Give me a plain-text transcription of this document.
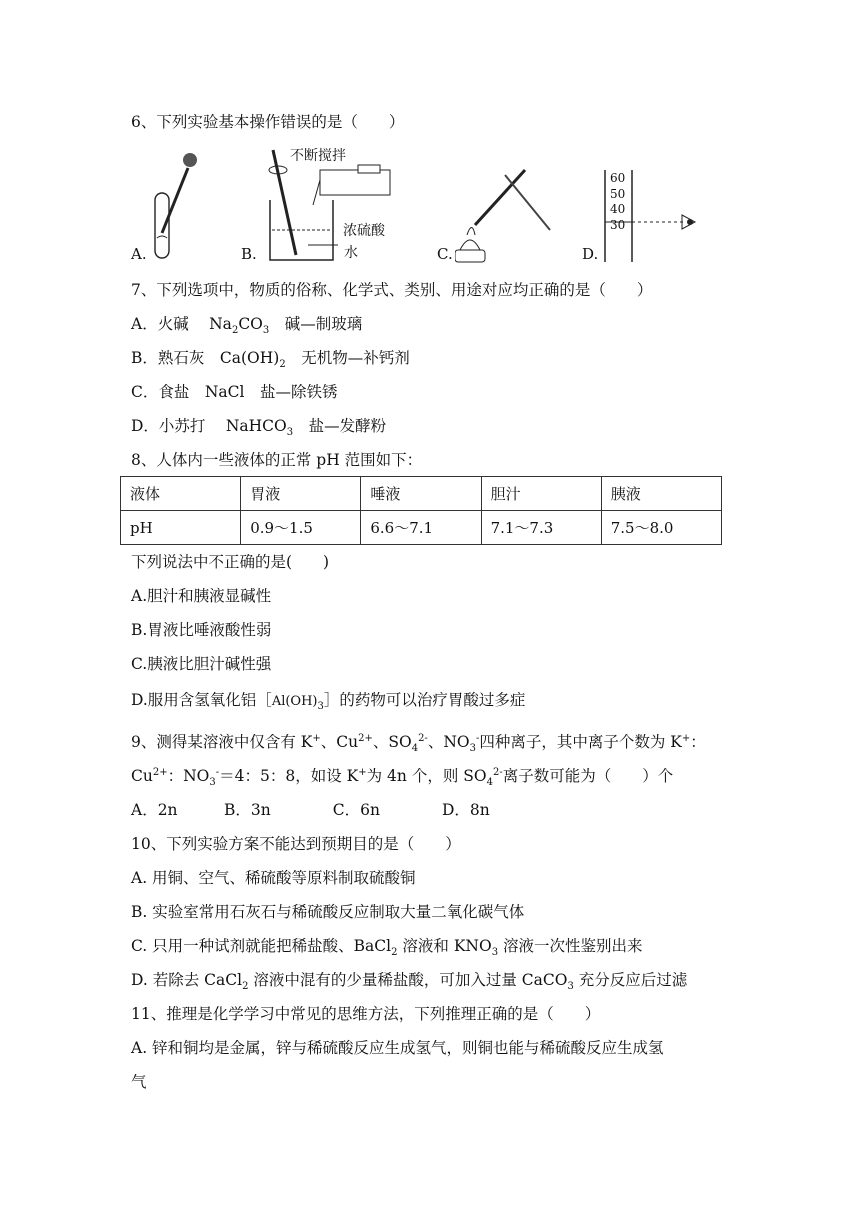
6、下列实验基本操作错误的是（　　）
A.
不断搅拌
浓硫酸
水
B.	C.
60
50
40
30
D.
7、下列选项中，物质的俗称、化学式、类别、用途对应均正确的是（　　）
A．火碱　 $Na_2CO_3$　碱—制玻璃
B．熟石灰　$Ca(OH)_2$　无机物—补钙剂
C．食盐　NaCl　盐—除铁锈
D．小苏打　 NaHCO$_3$　盐—发酵粉
8、人体内一些液体的正常 pH 范围如下：
液体	胃液	唾液	胆汁	胰液
pH	0.9～1.5	6.6～7.1	7.1～7.3	7.5～8.0
下列说法中不正确的是(　　)
A.胆汁和胰液显碱性
B.胃液比唾液酸性弱
C.胰液比胆汁碱性强
D.服用含氢氧化铝$[Al(OH)_3]$的药物可以治疗胃酸过多症
9、测得某溶液中仅含有 K+、$Cu^{2+}$、$SO_4^{2-}$、$NO_3^-$四种离子，其中离子个数为 K+：
$Cu^{2+}$：$NO_3^-=4$：5：8，如设 K+为 4n 个，则 $SO_4^{2-}$离子数可能为（　　）个
A．2n　　　B．3n　　　　C．6n　　　　D．8n
10、下列实验方案不能达到预期目的是（　　）
A. 用铜、空气、稀硫酸等原料制取硫酸铜
B. 实验室常用石灰石与稀硫酸反应制取大量二氧化碳气体
C. 只用一种试剂就能把稀盐酸、BaCl$_2$ 溶液和 $KNO_3$ 溶液一次性鉴别出来
D. 若除去 CaCl$_2$ 溶液中混有的少量稀盐酸，可加入过量 CaCO$_3$ 充分反应后过滤
11、推理是化学学习中常见的思维方法，下列推理正确的是（　　）
A. 锌和铜均是金属，锌与稀硫酸反应生成氢气，则铜也能与稀硫酸反应生成氢
气
